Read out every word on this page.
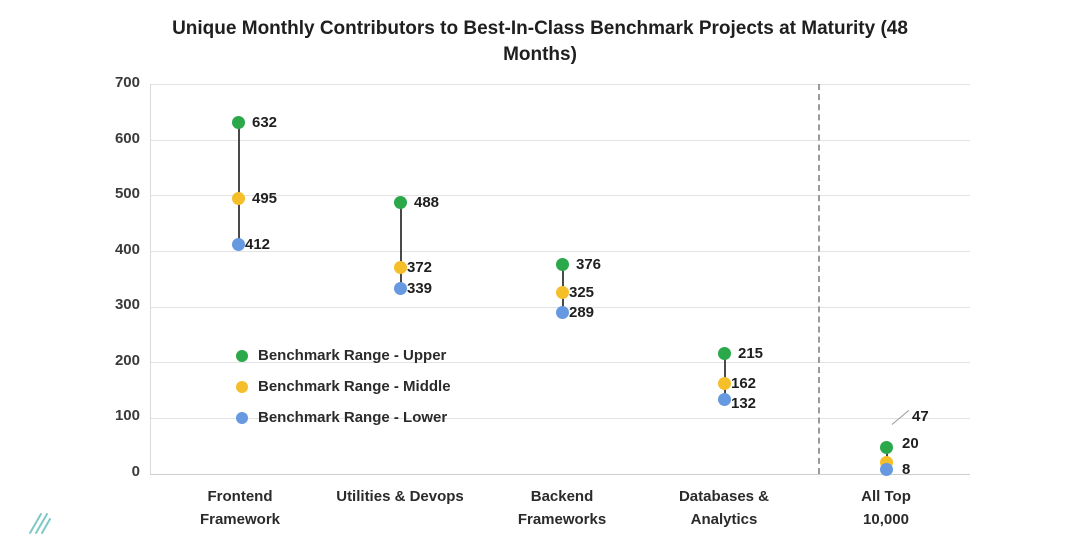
Unique Monthly Contributors to Best-In-Class Benchmark Projects at Maturity (48 Months)
700
600
500
400
300
200
100
0
632
495
412
488
372
339
376
325
289
215
162
132
47
20
8
Benchmark Range - Upper
Benchmark Range - Middle
Benchmark Range - Lower
Frontend
Framework
Utilities & Devops	Backend
Frameworks
Databases &
Analytics
All Top
10,000
